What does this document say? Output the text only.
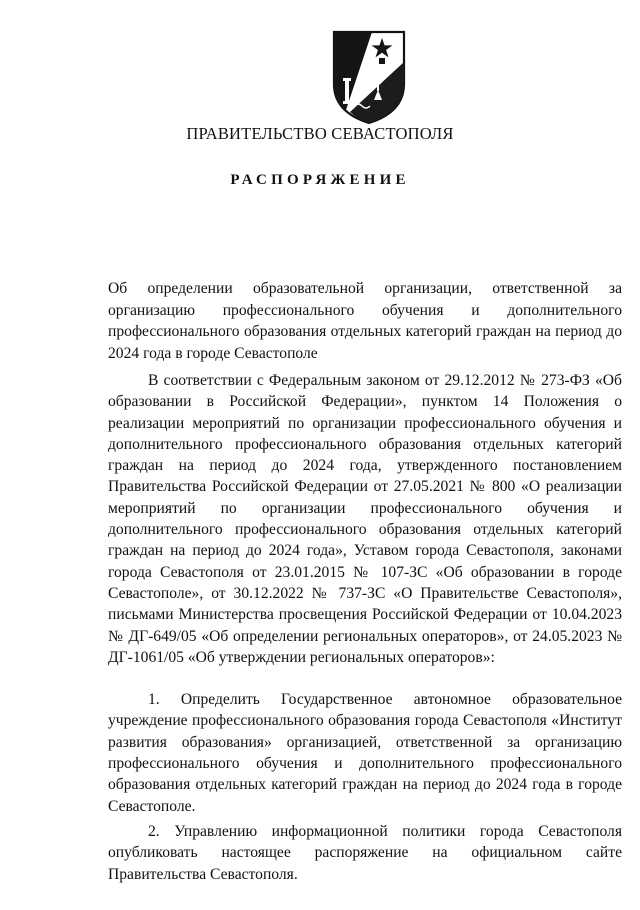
ПРАВИТЕЛЬСТВО СЕВАСТОПОЛЯ
РАСПОРЯЖЕНИЕ
Об определении образовательной организации, ответственной за организацию профессионального обучения и дополнительного профессионального образования отдельных категорий граждан на период до 2024 года в городе Севастополе

В соответствии с Федеральным законом от 29.12.2012 № 273-ФЗ «Об образовании в Российской Федерации», пунктом 14 Положения о реализации мероприятий по организации профессионального обучения и дополнительного профессионального образования отдельных категорий граждан на период до 2024 года, утвержденного постановлением Правительства Российской Федерации от 27.05.2021 № 800 «О реализации мероприятий по организации профессионального обучения и дополнительного профессионального образования отдельных категорий граждан на период до 2024 года», Уставом города Севастополя, законами города Севастополя от 23.01.2015 № 107-ЗС «Об образовании в городе Севастополе», от 30.12.2022 № 737-ЗС «О Правительстве Севастополя», письмами Министерства просвещения Российской Федерации от 10.04.2023 № ДГ-649/05 «Об определении региональных операторов», от 24.05.2023 № ДГ-1061/05 «Об утверждении региональных операторов»:

1. Определить Государственное автономное образовательное учреждение профессионального образования города Севастополя «Институт развития образования» организацией, ответственной за организацию профессионального обучения и дополнительного профессионального образования отдельных категорий граждан на период до 2024 года в городе Севастополе.

2. Управлению информационной политики города Севастополя опубликовать настоящее распоряжение на официальном сайте Правительства Севастополя.
